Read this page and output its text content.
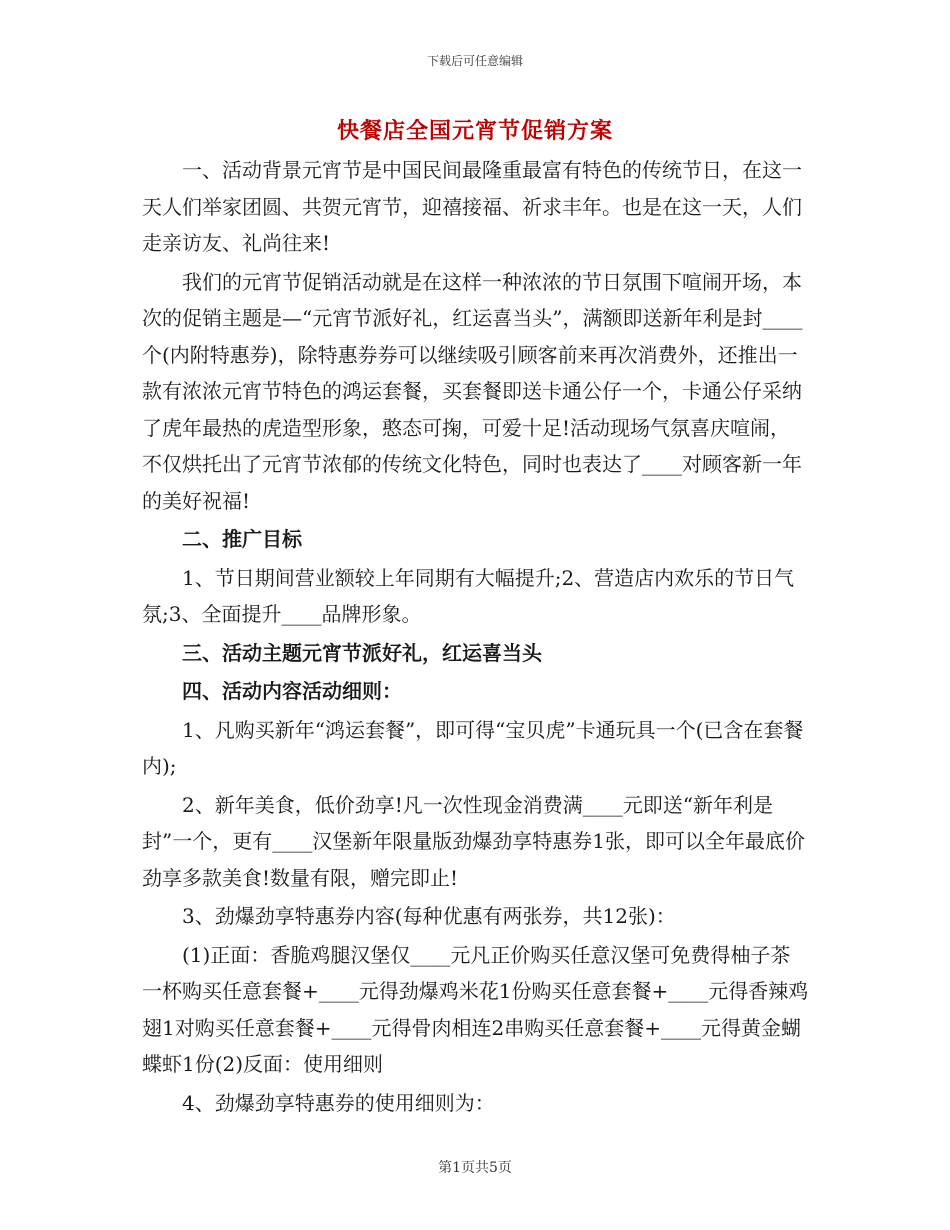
下载后可任意编辑
快餐店全国元宵节促销方案

一、活动背景元宵节是中国民间最隆重最富有特色的传统节日，在这一天人们举家团圆、共贺元宵节，迎禧接福、祈求丰年。也是在这一天，人们走亲访友、礼尚往来!

我们的元宵节促销活动就是在这样一种浓浓的节日氛围下喧闹开场，本次的促销主题是—“元宵节派好礼，红运喜当头”，满额即送新年利是封____个(内附特惠券)，除特惠券券可以继续吸引顾客前来再次消费外，还推出一款有浓浓元宵节特色的鸿运套餐，买套餐即送卡通公仔一个，卡通公仔采纳了虎年最热的虎造型形象，憨态可掬，可爱十足!活动现场气氛喜庆喧闹，不仅烘托出了元宵节浓郁的传统文化特色，同时也表达了____对顾客新一年的美好祝福!

二、推广目标

1、节日期间营业额较上年同期有大幅提升;2、营造店内欢乐的节日气氛;3、全面提升____品牌形象。

三、活动主题元宵节派好礼，红运喜当头

四、活动内容活动细则：

1、凡购买新年“鸿运套餐”，即可得“宝贝虎”卡通玩具一个(已含在套餐内);

2、新年美食，低价劲享!凡一次性现金消费满____元即送“新年利是封”一个，更有____汉堡新年限量版劲爆劲享特惠券1张，即可以全年最底价劲享多款美食!数量有限，赠完即止!

3、劲爆劲享特惠券内容(每种优惠有两张券，共12张)：

(1)正面：香脆鸡腿汉堡仅____元凡正价购买任意汉堡可免费得柚子茶一杯购买任意套餐+____元得劲爆鸡米花1份购买任意套餐+____元得香辣鸡翅1对购买任意套餐+____元得骨肉相连2串购买任意套餐+____元得黄金蝴蝶虾1份(2)反面：使用细则

4、劲爆劲享特惠券的使用细则为：

第1页共5页
